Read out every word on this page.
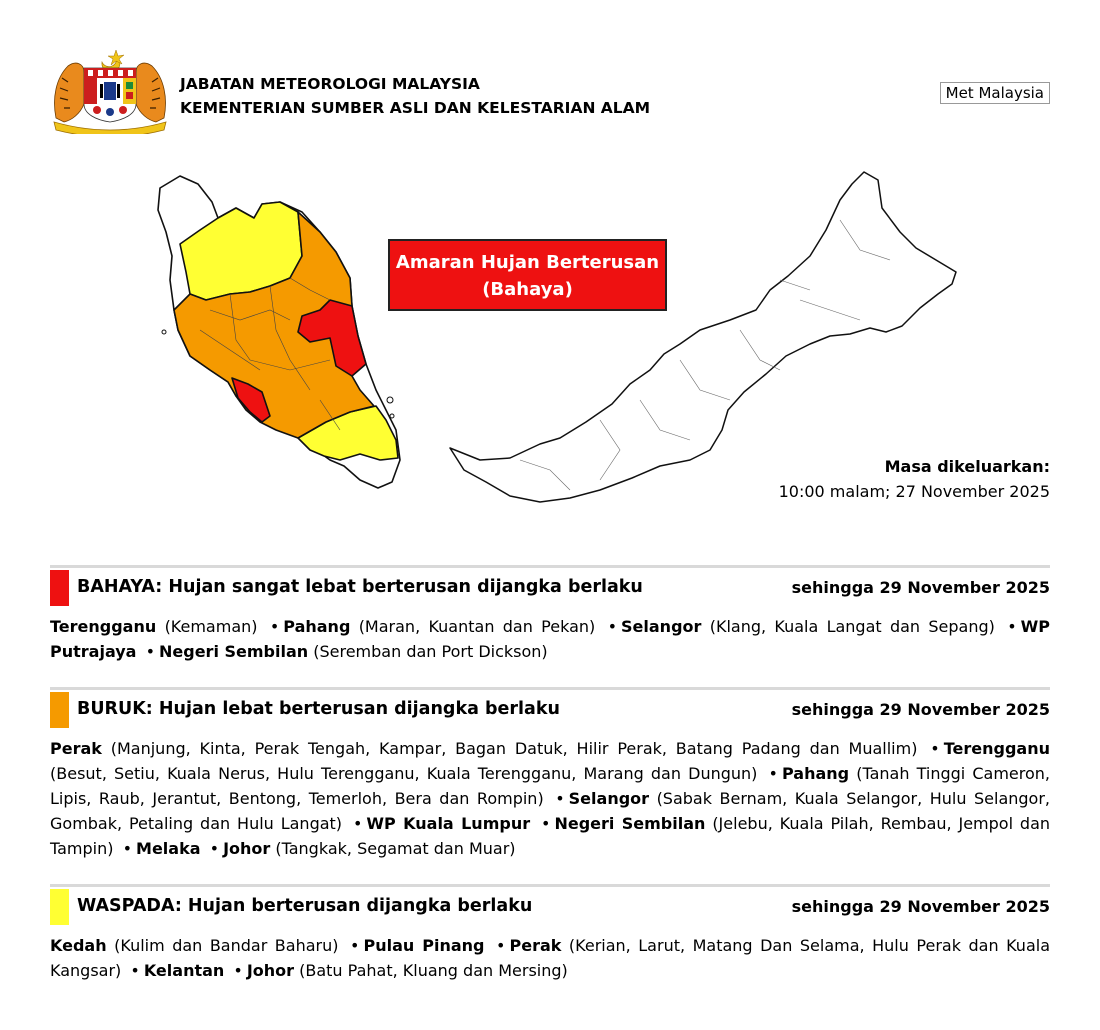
JABATAN METEOROLOGI MALAYSIA
KEMENTERIAN SUMBER ASLI DAN KELESTARIAN ALAM
Met Malaysia
Amaran Hujan Berterusan
(Bahaya)
Masa dikeluarkan:
10:00 malam; 27 November 2025
BAHAYA: Hujan sangat lebat berterusan dijangka berlaku	sehingga 29 November 2025
Terengganu (Kemaman) • Pahang (Maran, Kuantan dan Pekan) • Selangor (Klang, Kuala Langat dan Sepang) • WP Putrajaya • Negeri Sembilan (Seremban dan Port Dickson)
BURUK: Hujan lebat berterusan dijangka berlaku	sehingga 29 November 2025
Perak (Manjung, Kinta, Perak Tengah, Kampar, Bagan Datuk, Hilir Perak, Batang Padang dan Muallim) • Terengganu (Besut, Setiu, Kuala Nerus, Hulu Terengganu, Kuala Terengganu, Marang dan Dungun) • Pahang (Tanah Tinggi Cameron, Lipis, Raub, Jerantut, Bentong, Temerloh, Bera dan Rompin) • Selangor (Sabak Bernam, Kuala Selangor, Hulu Selangor, Gombak, Petaling dan Hulu Langat) • WP Kuala Lumpur • Negeri Sembilan (Jelebu, Kuala Pilah, Rembau, Jempol dan Tampin) • Melaka • Johor (Tangkak, Segamat dan Muar)
WASPADA: Hujan berterusan dijangka berlaku	sehingga 29 November 2025
Kedah (Kulim dan Bandar Baharu) • Pulau Pinang • Perak (Kerian, Larut, Matang Dan Selama, Hulu Perak dan Kuala Kangsar) • Kelantan • Johor (Batu Pahat, Kluang dan Mersing)
